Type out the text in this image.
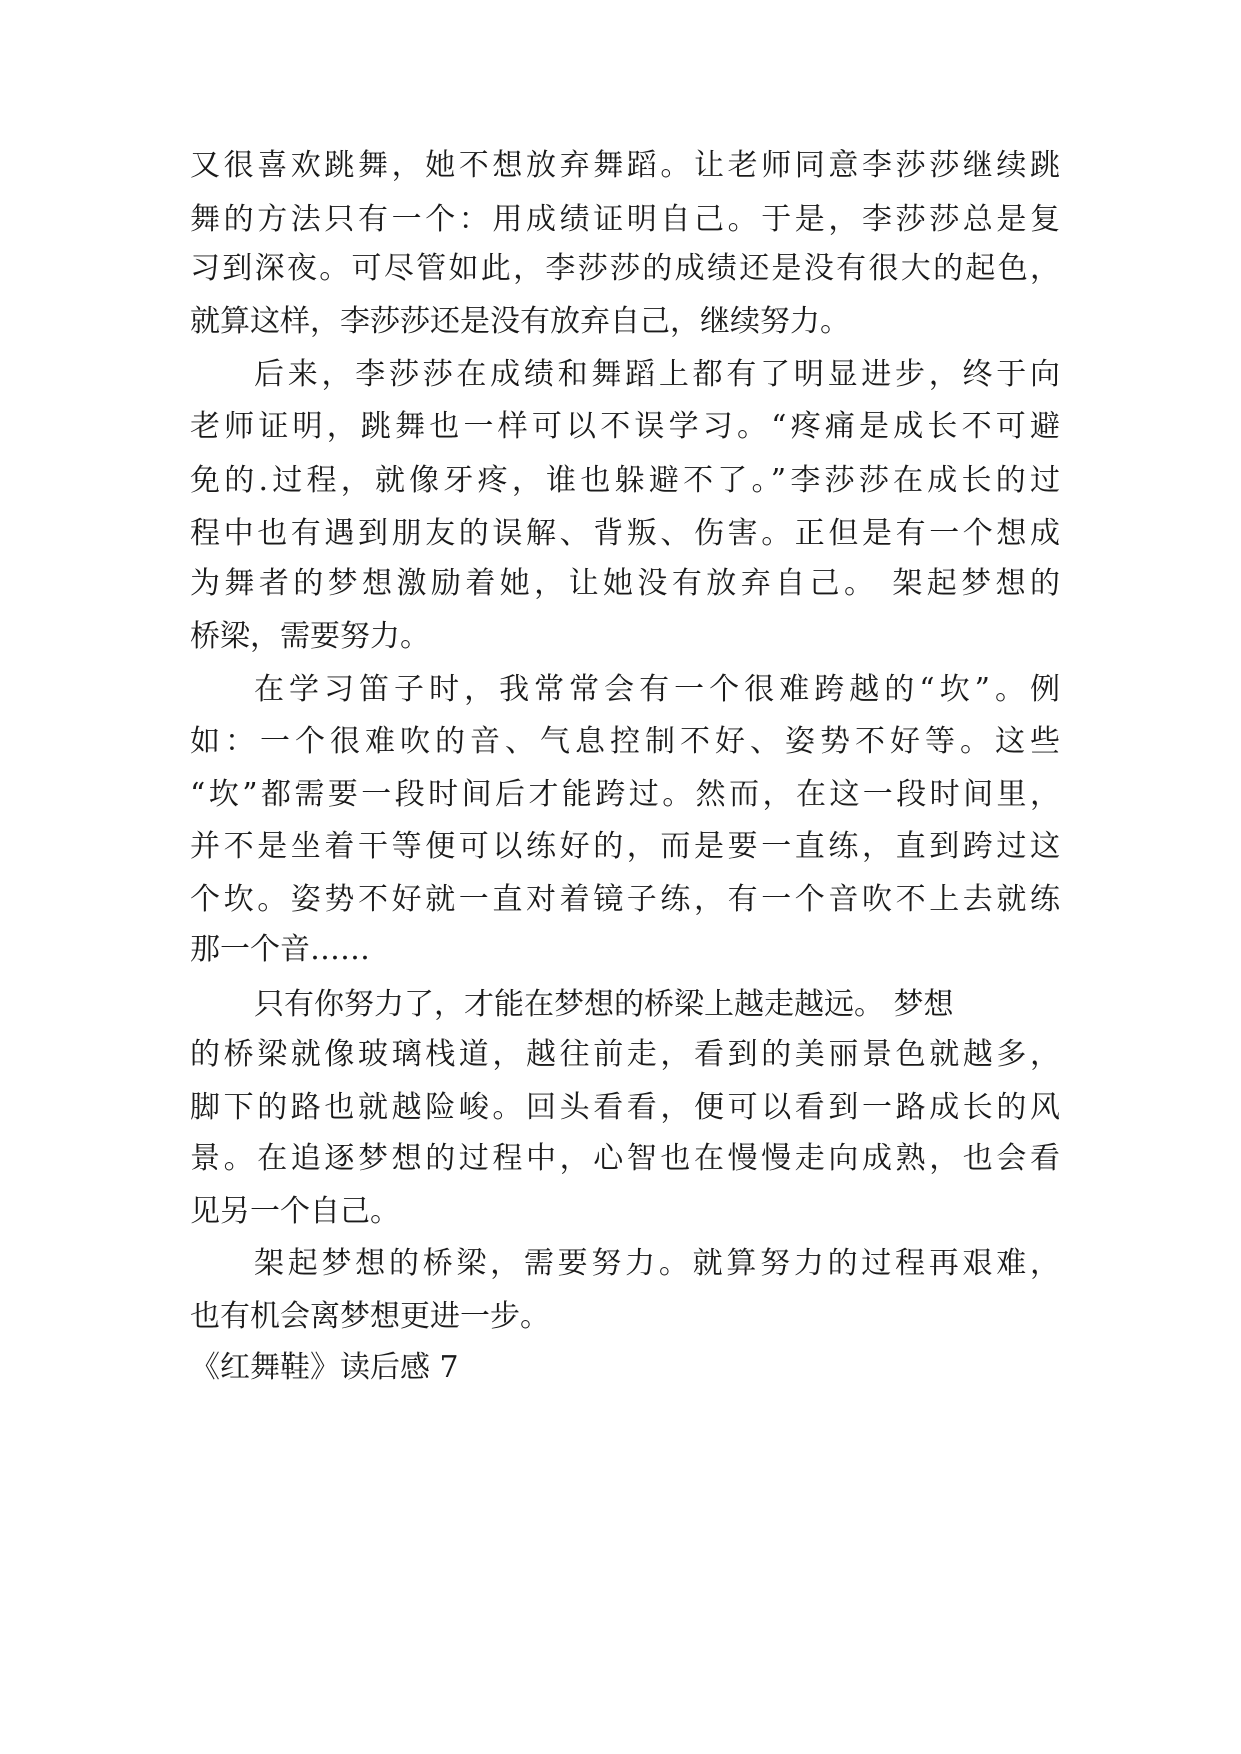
又很喜欢跳舞，她不想放弃舞蹈。让老师同意李莎莎继续跳
舞的方法只有一个：用成绩证明自己。于是，李莎莎总是复
习到深夜。可尽管如此，李莎莎的成绩还是没有很大的起色，
就算这样，李莎莎还是没有放弃自己，继续努力。
后来，李莎莎在成绩和舞蹈上都有了明显进步，终于向
老师证明，跳舞也一样可以不误学习。“疼痛是成长不可避
免的.过程，就像牙疼，谁也躲避不了。”李莎莎在成长的过
程中也有遇到朋友的误解、背叛、伤害。正但是有一个想成
为舞者的梦想激励着她，让她没有放弃自己。 架起梦想的
桥梁，需要努力。
在学习笛子时，我常常会有一个很难跨越的“坎”。例
如：一个很难吹的音、气息控制不好、姿势不好等。这些
“坎”都需要一段时间后才能跨过。然而，在这一段时间里，
并不是坐着干等便可以练好的，而是要一直练，直到跨过这
个坎。姿势不好就一直对着镜子练，有一个音吹不上去就练
那一个音……
只有你努力了，才能在梦想的桥梁上越走越远。 梦想
的桥梁就像玻璃栈道，越往前走，看到的美丽景色就越多，
脚下的路也就越险峻。回头看看，便可以看到一路成长的风
景。在追逐梦想的过程中，心智也在慢慢走向成熟，也会看
见另一个自己。
架起梦想的桥梁，需要努力。就算努力的过程再艰难，
也有机会离梦想更进一步。
《红舞鞋》读后感 7
